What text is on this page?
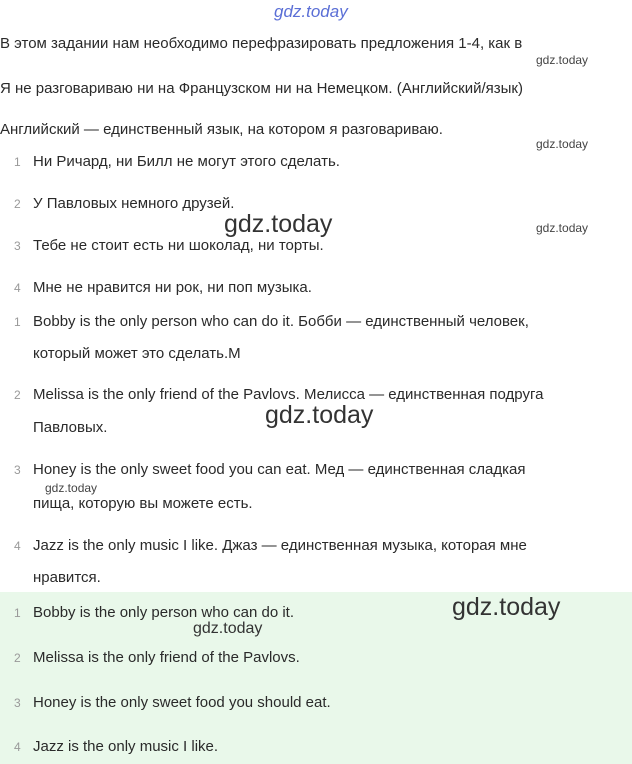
gdz.today
В этом задании нам необходимо перефразировать предложения 1-4, как в
gdz.today
Я не разговариваю ни на Французском ни на Немецком. (Английский/язык)
Английский — единственный язык, на котором я разговариваю.
gdz.today
1 Ни Ричард, ни Билл не могут этого сделать.
2 У Павловых немного друзей.
gdz.today	gdz.today
3 Тебе не стоит есть ни шоколад, ни торты.
4 Мне не нравится ни рок, ни поп музыка.
1 Bobby is the only person who can do it. Бобби — единственный человек,
который может это сделать.М
2 Melissa is the only friend of the Pavlovs. Мелисса — единственная подруга
gdz.today
Павловых.
3 Honey is the only sweet food you can eat. Мед — единственная сладкая
gdz.today
пища, которую вы можете есть.
4 Jazz is the only music I like. Джаз — единственная музыка, которая мне
нравится.
gdz.today
1 Bobby is the only person who can do it.
gdz.today
2 Melissa is the only friend of the Pavlovs.
3 Honey is the only sweet food you should eat.
4 Jazz is the only music I like.
